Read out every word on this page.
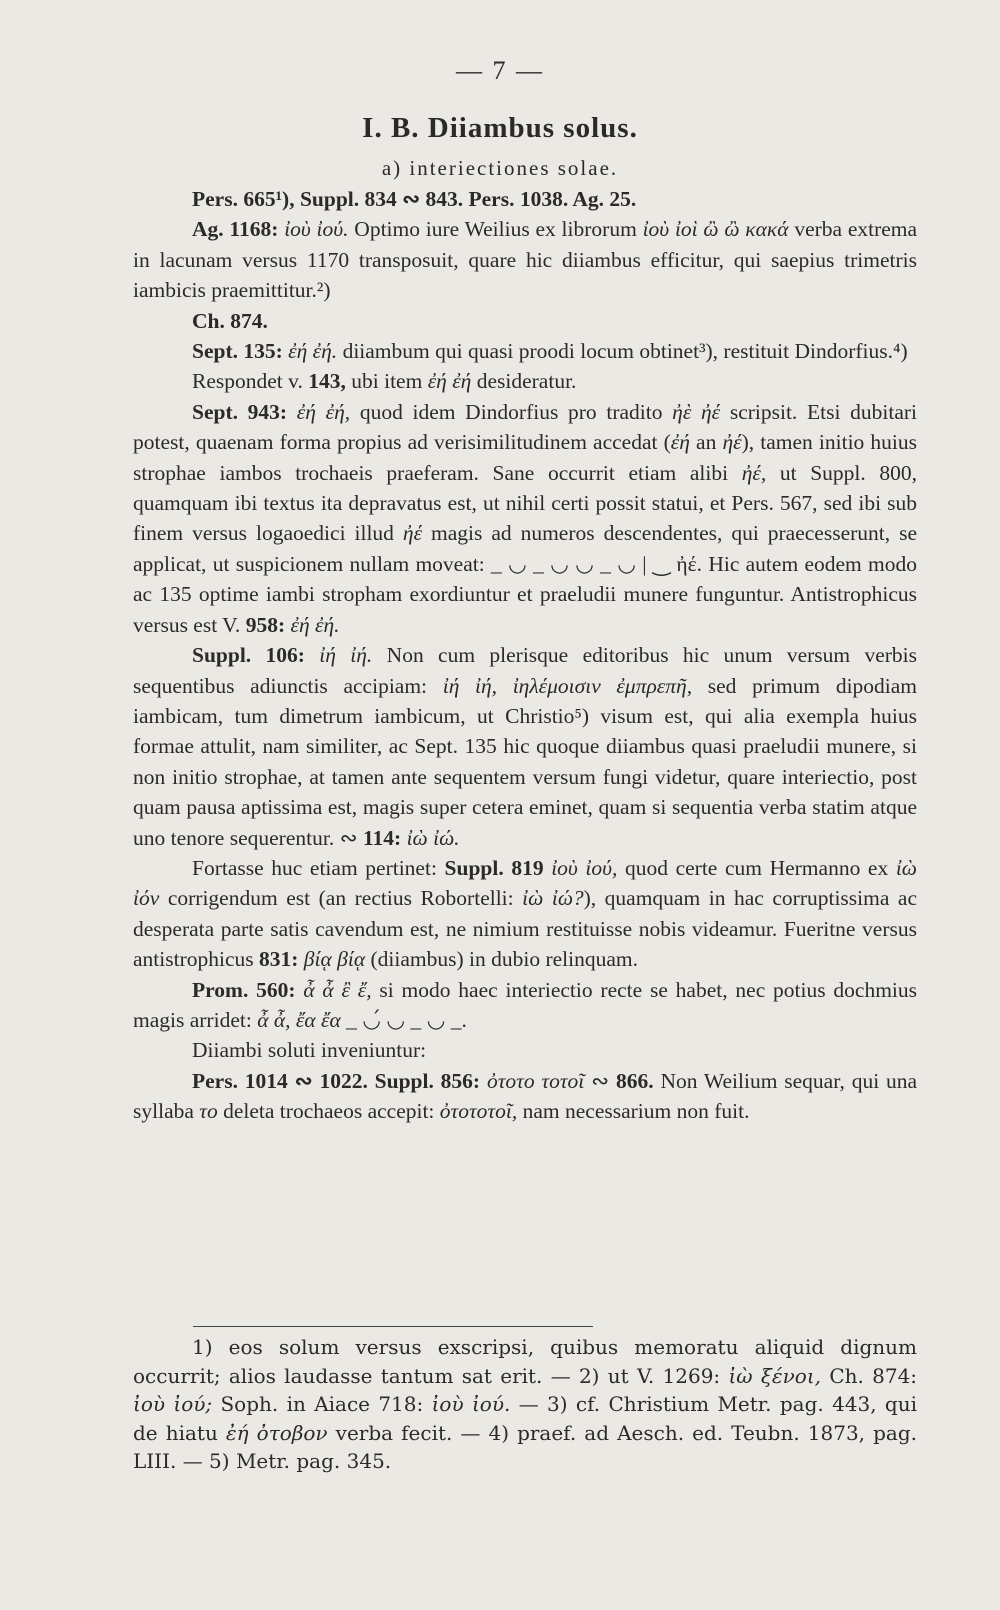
— 7 —
I. B. Diiambus solus.
a) interiectiones solae.

Pers. 665¹), Suppl. 834 ∾ 843. Pers. 1038. Ag. 25.

Ag. 1168: ἰοὺ ἰού. Optimo iure Weilius ex librorum ἰοὺ ἰοὶ ὢ ὢ κακά verba extrema in lacunam versus 1170 transposuit, quare hic diiambus efficitur, qui saepius trimetris iambicis praemittitur.²)

Ch. 874.

Sept. 135: ἐή ἐή. diiambum qui quasi proodi locum obtinet³), restituit Dindorfius.⁴)

Respondet v. 143, ubi item ἐή ἐή desideratur.

Sept. 943: ἐή ἐή, quod idem Dindorfius pro tradito ἠὲ ἠέ scripsit. Etsi dubitari potest, quaenam forma propius ad verisimilitudinem accedat (ἐή an ἠέ), tamen initio huius strophae iambos trochaeis praeferam. Sane occurrit etiam alibi ἠέ, ut Suppl. 800, quamquam ibi textus ita depravatus est, ut nihil certi possit statui, et Pers. 567, sed ibi sub finem versus logaoedici illud ἠέ magis ad numeros descendentes, qui praecesserunt, se applicat, ut suspicionem nullam moveat: _ ◡ _ ◡ ◡ _ ◡ | ‿ ἠέ. Hic autem eodem modo ac 135 optime iambi stropham exordiuntur et praeludii munere funguntur. Antistrophicus versus est V. 958: ἐή ἐή.

Suppl. 106: ἰή ἰή. Non cum plerisque editoribus hic unum versum verbis sequentibus adiunctis accipiam: ἰή ἰή, ἰηλέμοισιν ἐμπρεπῆ, sed primum dipodiam iambicam, tum dimetrum iambicum, ut Christio⁵) visum est, qui alia exempla huius formae attulit, nam similiter, ac Sept. 135 hic quoque diiambus quasi praeludii munere, si non initio strophae, at tamen ante sequentem versum fungi videtur, quare interiectio, post quam pausa aptissima est, magis super cetera eminet, quam si sequentia verba statim atque uno tenore sequerentur. ∾ 114: ἰὼ ἰώ.

Fortasse huc etiam pertinet: Suppl. 819 ἰοὺ ἰού, quod certe cum Hermanno ex ἰὼ ἰόν corrigendum est (an rectius Robortelli: ἰὼ ἰώ?), quamquam in hac corruptissima ac desperata parte satis cavendum est, ne nimium restituisse nobis videamur. Fueritne versus antistrophicus 831: βίᾳ βίᾳ (diiambus) in dubio relinquam.

Prom. 560: ἆ ἆ ἒ ἔ, si modo haec interiectio recte se habet, nec potius dochmius magis arridet: ἆ ἆ, ἔα ἔα _ ◡́ ◡ _ ◡ _.

Diiambi soluti inveniuntur:

Pers. 1014 ∾ 1022. Suppl. 856: ὀτοτο τοτοῖ ∾ 866. Non Weilium sequar, qui una syllaba το deleta trochaeos accepit: ὀτοτοτοῖ, nam necessarium non fuit.

1) eos solum versus exscripsi, quibus memoratu aliquid dignum occurrit; alios laudasse tantum sat erit. — 2) ut V. 1269: ἰὼ ξένοι, Ch. 874: ἰοὺ ἰού; Soph. in Aiace 718: ἰοὺ ἰού. — 3) cf. Christium Metr. pag. 443, qui de hiatu ἐή ὀτοβον verba fecit. — 4) praef. ad Aesch. ed. Teubn. 1873, pag. LIII. — 5) Metr. pag. 345.
